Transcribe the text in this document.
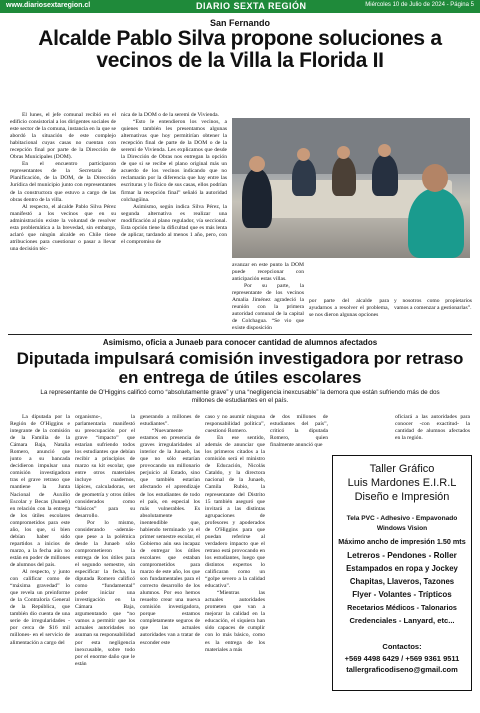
www.diariosextaregion.cl	DIARIO SEXTA REGIÓN	Miércoles 10 de Julio de 2024 - Página 5
San Fernando
Alcalde Pablo Silva propone soluciones a vecinos de la Villa la Florida II

El lunes, el jefe comunal recibió en el edificio consistorial a los dirigentes sociales de este sector de la comuna, instancia en la que se abordó la situación de este complejo habitacional cuyas casas no cuentan con recepción final por parte de la Dirección de Obras Municipales (DOM).

En el encuentro participaron representantes de la Secretaría de Planificación, de la DOM, de la Dirección Jurídica del municipio junto con representantes de la constructora que estuvo a cargo de las obras dentro de la villa.

Al respecto, el alcalde Pablo Silva Pérez manifestó a los vecinos que en su administración existe la voluntad de resolver esta problemática a la brevedad, sin embargo, aclaró que ningún alcalde en Chile tiene atribuciones para cuestionar o pasar a llevar una decisión téc-

nica de la DOM o de la seremi de Vivienda.

“Esto le entendieron los vecinos, a quienes también les presentamos algunas alternativas que hoy permitirían obtener la recepción final de parte de la DOM o de la seremi de Vivienda. Les explicamos que desde la Dirección de Obras nos entregan la opción de que si se recibe el plano original más un acuerdo de los vecinos indicando que no reclamarán por la diferencia que hay entre las escrituras y lo físico de sus casas, ellos podrían firmar la recepción final” señaló la autoridad colchagüina.

Asimismo, según indica Silva Pérez, la segunda alternativa es realizar una modificación al plano regulador, vía seccional. Esta opción tiene la dificultad que es más lenta de aplicar, tardando al menos 1 año, pero, con el compromiso de

avanzar en este punto la DOM puede recepcionar con anticipación estas villas.

Por su parte, la representante de los vecinos Amalia Jiménez agradeció la reunión con la primera autoridad comunal de la capital de Colchagua. “Se vio que existe disposición

por parte del alcalde para ayudarnos a resolver el problema, se nos dieron algunas opciones

y nosotros como propietarios vamos a comenzar a gestionarlas”.

Asimismo, oficia a Junaeb para conocer cantidad de alumnos afectados
Diputada impulsará comisión investigadora por retraso en entrega de útiles escolares
La representante de O'Higgins calificó como “absolutamente grave” y una “negligencia inexcusable” la demora que están sufriendo más de dos millones de estudiantes en el país.

La diputada por la Región de O'Higgins e integrante de la comisión de la Familia de la Cámara Baja, Natalia Romero, anunció que junto a su bancada decidieron impulsar una comisión investigadora tras el grave retraso que mantiene la Junta Nacional de Auxilio Escolar y Becas (Junaeb) en relación con la entrega de los útiles escolares comprometidos para este año, los que, si bien debían haber sido repartidos a inicios de marzo, a la fecha aún no están en poder de millones de alumnos del país.

Al respecto, y junto con calificar como de “máxima gravedad” lo que revela un preinforme de la Contraloría General de la República, que también dio cuenta de una serie de irregularidades -por cerca de $16 mil millones- en el servicio de alimentación a cargo del

organismo-, la parlamentaria manifestó su preocupación por el grave “impacto” que estarían sufriendo todos los estudiantes que debían recibir a principios de marzo su kit escolar, que entre otros materiales incluye cuadernos, lápices, calculadoras, set de geometría y otros útiles considerados como “básicos” para su desarrollo.

Por lo mismo, considerando -además- que pese a la polémica desde la Junaeb sólo comprometieron la entrega de los útiles para el segundo semestre, sin especificar la fecha, la diputada Romero calificó como “fundamental” poder iniciar una investigación en la Cámara Baja, argumentando que “no vamos a permitir que los actuales autoridades no asuman su responsabilidad por esta negligencia inexcusable, sobre todo por el enorme daño que le están

generando a millones de estudiantes”.

“Nuevamente estamos en presencia de graves irregularidades al interior de la Junaeb, las que no sólo estarían provocando un millonario perjuicio al Estado, sino que también estarían afectando el aprendizaje de los estudiantes de todo el país, en especial los más vulnerables. Es absolutamente inentendible que, habiendo terminado ya el primer semestre escolar, el Gobierno aún sea incapaz de entregar los útiles escolares que estaban comprometidos para marzo de este año, los que son fundamentales para el correcto desarrollo de los alumnos. Por eso hemos resuelto crear una nueva comisión investigadora, porque estamos completamente seguros de que las actuales autoridades van a tratar de esconder este

caso y no asumir ninguna responsabilidad política”, cuestionó Romero.

En ese sentido, además de anunciar que los primeros citados a la comisión será el ministro de Educación, Nicolás Cataldo, y la directora nacional de la Junaeb, Camila Rubio, la representante del Distrito 15 también aseguró que invitará a las distintas agrupaciones de profesores y apoderados de O'Higgins para que puedan referirse al verdadero impacto que el retraso está provocando en los estudiantes, luego que distintos expertos lo calificaran como un “golpe severo a la calidad educativa”.

“Mientras las actuales autoridades prometen que van a mejorar la calidad en la educación, el siquiera han sido capaces de cumplir con lo más básico, como es la entrega de los materiales a más

de dos millones de estudiantes del país”, criticó la diputada Romero, quien finalmente anunció que

oficiará a las autoridades para conocer -con exactitud- la cantidad de alumnos afectados en la región.

Taller Gráfico
Luis Mardones E.I.R.L
Diseño e Impresión
Tela PVC - Adhesivo - Empavonado
Windows Vision
Máximo ancho de impresión 1.50 mts
Letreros - Pendones - Roller
Estampados en ropa y Jockey
Chapitas, Llaveros, Tazones
Flyer - Volantes - Trípticos
Recetarios Médicos - Talonarios
Credenciales - Lanyard, etc...
Contactos:
+569 4498 6429 / +569 9361 9511
tallergraficodiseno@gmail.com
